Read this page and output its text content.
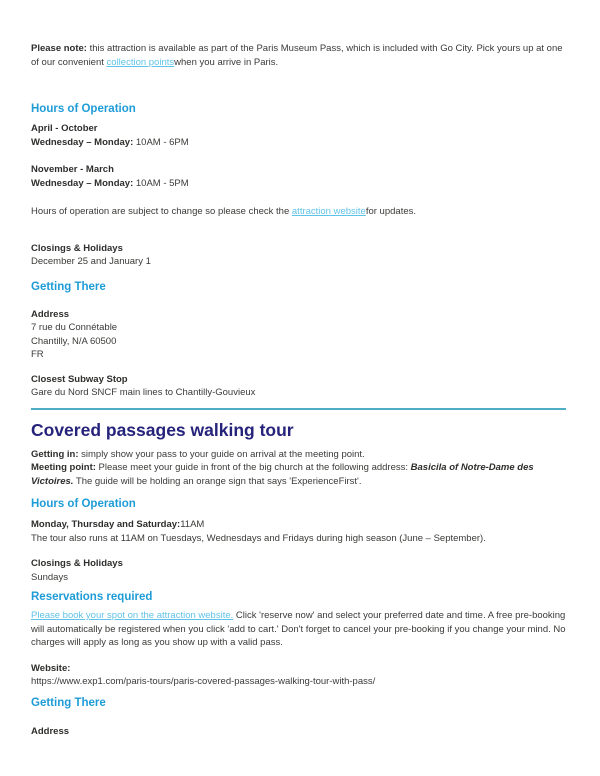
Please note: this attraction is available as part of the Paris Museum Pass, which is included with Go City. Pick yours up at one of our convenient collection pointswhen you arrive in Paris.

Hours of Operation
April - October
Wednesday – Monday: 10AM - 6PM
November - March
Wednesday – Monday: 10AM - 5PM

Hours of operation are subject to change so please check the attraction websitefor updates.

Closings & Holidays
December 25 and January 1
Getting There
Address
7 rue du Connétable
Chantilly, N/A 60500
FR
Closest Subway Stop
Gare du Nord SNCF main lines to Chantilly-Gouvieux
Covered passages walking tour

Getting in: simply show your pass to your guide on arrival at the meeting point.
Meeting point: Please meet your guide in front of the big church at the following address: Basicila of Notre-Dame des Victoires. The guide will be holding an orange sign that says 'ExperienceFirst'.

Hours of Operation
Monday, Thursday and Saturday:11AM
The tour also runs at 11AM on Tuesdays, Wednesdays and Fridays during high season (June – September).
Closings & Holidays
Sundays
Reservations required

Please book your spot on the attraction website. Click 'reserve now' and select your preferred date and time. A free pre-booking will automatically be registered when you click 'add to cart.' Don't forget to cancel your pre-booking if you change your mind. No charges will apply as long as you show up with a valid pass.

Website:
https://www.exp1.com/paris-tours/paris-covered-passages-walking-tour-with-pass/
Getting There
Address
